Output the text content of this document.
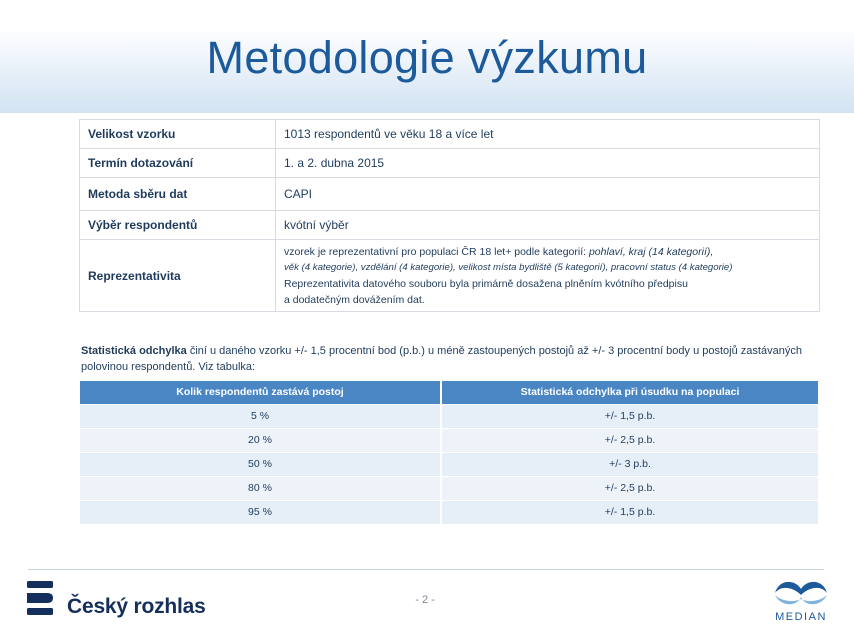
Metodologie výzkumu
Velikost vzorku	1013 respondentů ve věku 18 a více let
Termín dotazování	1. a 2. dubna 2015
Metoda sběru dat	CAPI
Výběr respondentů	kvótní výběr
Reprezentativita	vzorek je reprezentativní pro populaci ČR 18 let+ podle kategorií: pohlaví, kraj (14 kategorií),
věk (4 kategorie), vzdělání (4 kategorie), velikost místa bydliště (5 kategorií), pracovní status (4 kategorie)
Reprezentativita datového souboru byla primárně dosažena plněním kvótního předpisu
a dodatečným dovážením dat.

Statistická odchylka činí u daného vzorku +/- 1,5 procentní bod (p.b.) u méně zastoupených postojů až +/- 3 procentní body u postojů zastávaných polovinou respondentů. Viz tabulka:

Kolik respondentů zastává postoj	Statistická odchylka při úsudku na populaci
5 %	+/- 1,5 p.b.
20 %	+/- 2,5 p.b.
50 %	+/- 3 p.b.
80 %	+/- 2,5 p.b.
95 %	+/- 1,5 p.b.
Český rozhlas	- 2 -
MEDIAN
